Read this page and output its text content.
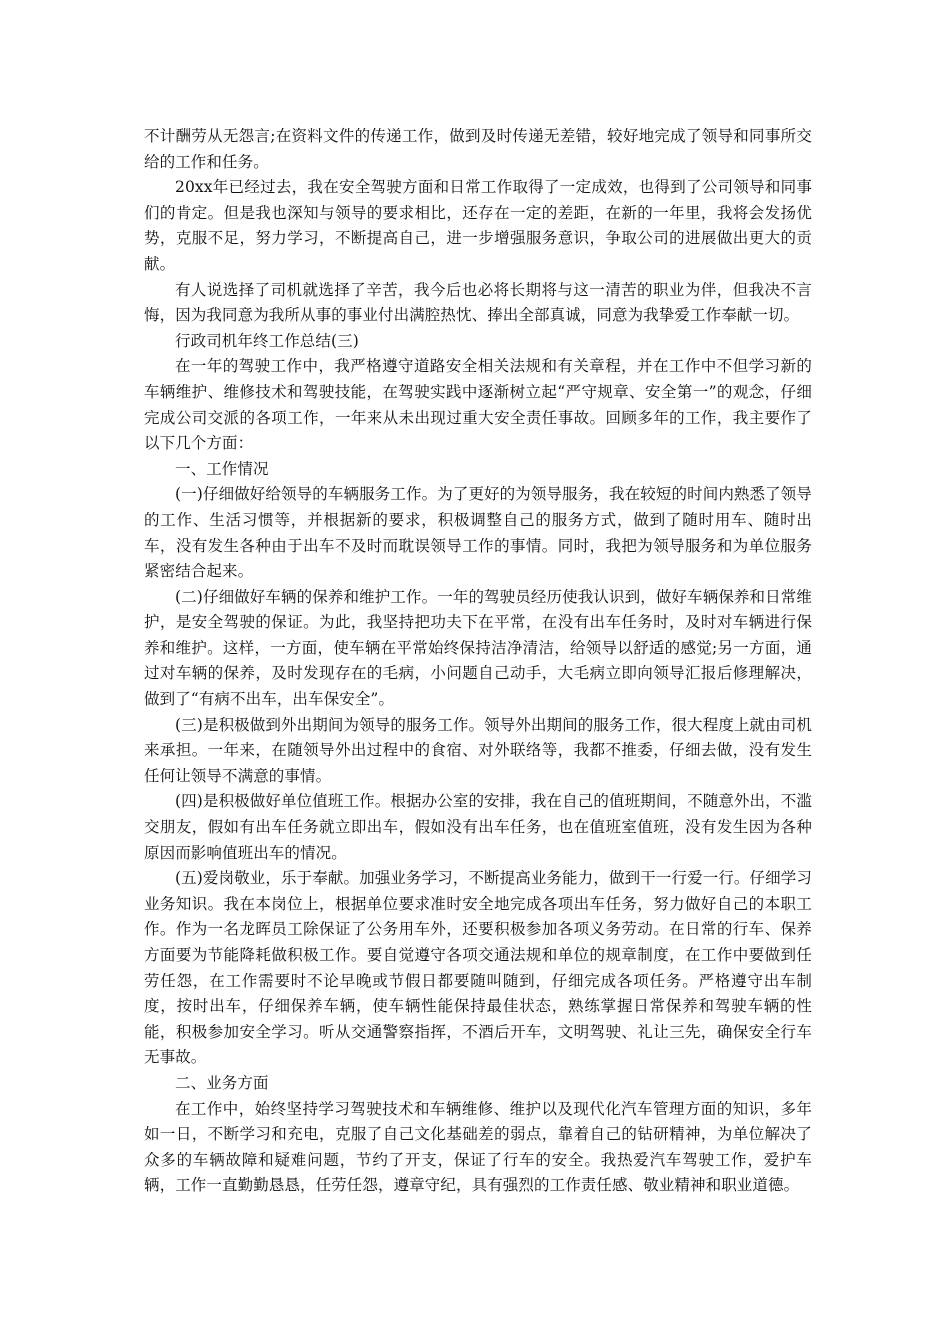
不计酬劳从无怨言;在资料文件的传递工作，做到及时传递无差错，较好地完成了领导和同事所交给的工作和任务。

20xx年已经过去，我在安全驾驶方面和日常工作取得了一定成效，也得到了公司领导和同事们的肯定。但是我也深知与领导的要求相比，还存在一定的差距，在新的一年里，我将会发扬优势，克服不足，努力学习，不断提高自己，进一步增强服务意识，争取公司的进展做出更大的贡献。

有人说选择了司机就选择了辛苦，我今后也必将长期将与这一清苦的职业为伴，但我决不言悔，因为我同意为我所从事的事业付出满腔热忱、捧出全部真诚，同意为我挚爱工作奉献一切。

行政司机年终工作总结(三)

在一年的驾驶工作中，我严格遵守道路安全相关法规和有关章程，并在工作中不但学习新的车辆维护、维修技术和驾驶技能，在驾驶实践中逐渐树立起“严守规章、安全第一”的观念，仔细完成公司交派的各项工作，一年来从未出现过重大安全责任事故。回顾多年的工作，我主要作了以下几个方面：

一、工作情况

(一)仔细做好给领导的车辆服务工作。为了更好的为领导服务，我在较短的时间内熟悉了领导的工作、生活习惯等，并根据新的要求，积极调整自己的服务方式，做到了随时用车、随时出车，没有发生各种由于出车不及时而耽误领导工作的事情。同时，我把为领导服务和为单位服务紧密结合起来。

(二)仔细做好车辆的保养和维护工作。一年的驾驶员经历使我认识到，做好车辆保养和日常维护，是安全驾驶的保证。为此，我坚持把功夫下在平常，在没有出车任务时，及时对车辆进行保养和维护。这样，一方面，使车辆在平常始终保持洁净清洁，给领导以舒适的感觉;另一方面，通过对车辆的保养，及时发现存在的毛病，小问题自己动手，大毛病立即向领导汇报后修理解决，做到了“有病不出车，出车保安全”。

(三)是积极做到外出期间为领导的服务工作。领导外出期间的服务工作，很大程度上就由司机来承担。一年来，在随领导外出过程中的食宿、对外联络等，我都不推委，仔细去做，没有发生任何让领导不满意的事情。

(四)是积极做好单位值班工作。根据办公室的安排，我在自己的值班期间，不随意外出，不滥交朋友，假如有出车任务就立即出车，假如没有出车任务，也在值班室值班，没有发生因为各种原因而影响值班出车的情况。

(五)爱岗敬业，乐于奉献。加强业务学习，不断提高业务能力，做到干一行爱一行。仔细学习业务知识。我在本岗位上，根据单位要求准时安全地完成各项出车任务，努力做好自己的本职工作。作为一名龙晖员工除保证了公务用车外，还要积极参加各项义务劳动。在日常的行车、保养方面要为节能降耗做积极工作。要自觉遵守各项交通法规和单位的规章制度，在工作中要做到任劳任怨，在工作需要时不论早晚或节假日都要随叫随到，仔细完成各项任务。严格遵守出车制度，按时出车，仔细保养车辆，使车辆性能保持最佳状态，熟练掌握日常保养和驾驶车辆的性能，积极参加安全学习。听从交通警察指挥，不酒后开车，文明驾驶、礼让三先，确保安全行车无事故。

二、业务方面

在工作中，始终坚持学习驾驶技术和车辆维修、维护以及现代化汽车管理方面的知识，多年如一日，不断学习和充电，克服了自己文化基础差的弱点，靠着自己的钻研精神，为单位解决了众多的车辆故障和疑难问题，节约了开支，保证了行车的安全。我热爱汽车驾驶工作，爱护车辆，工作一直勤勤恳恳，任劳任怨，遵章守纪，具有强烈的工作责任感、敬业精神和职业道德。
